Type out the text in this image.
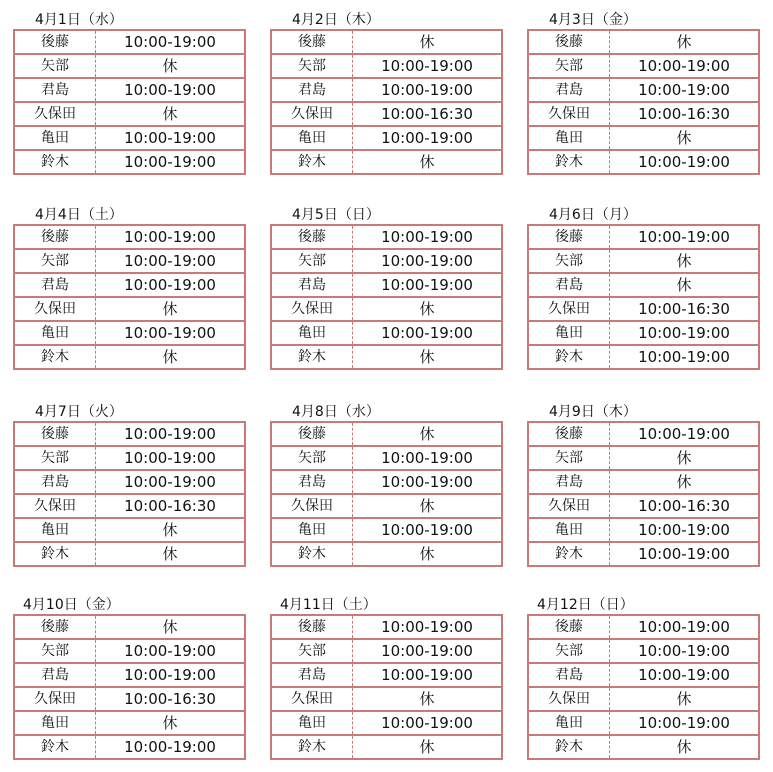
4月1日（水）
後藤	10:00-19:00
矢部	休
君島	10:00-19:00
久保田	休
亀田	10:00-19:00
鈴木	10:00-19:00
4月2日（木）
後藤	休
矢部	10:00-19:00
君島	10:00-19:00
久保田	10:00-16:30
亀田	10:00-19:00
鈴木	休
4月3日（金）
後藤	休
矢部	10:00-19:00
君島	10:00-19:00
久保田	10:00-16:30
亀田	休
鈴木	10:00-19:00
4月4日（土）
後藤	10:00-19:00
矢部	10:00-19:00
君島	10:00-19:00
久保田	休
亀田	10:00-19:00
鈴木	休
4月5日（日）
後藤	10:00-19:00
矢部	10:00-19:00
君島	10:00-19:00
久保田	休
亀田	10:00-19:00
鈴木	休
4月6日（月）
後藤	10:00-19:00
矢部	休
君島	休
久保田	10:00-16:30
亀田	10:00-19:00
鈴木	10:00-19:00
4月7日（火）
後藤	10:00-19:00
矢部	10:00-19:00
君島	10:00-19:00
久保田	10:00-16:30
亀田	休
鈴木	休
4月8日（水）
後藤	休
矢部	10:00-19:00
君島	10:00-19:00
久保田	休
亀田	10:00-19:00
鈴木	休
4月9日（木）
後藤	10:00-19:00
矢部	休
君島	休
久保田	10:00-16:30
亀田	10:00-19:00
鈴木	10:00-19:00
4月10日（金）
後藤	休
矢部	10:00-19:00
君島	10:00-19:00
久保田	10:00-16:30
亀田	休
鈴木	10:00-19:00
4月11日（土）
後藤	10:00-19:00
矢部	10:00-19:00
君島	10:00-19:00
久保田	休
亀田	10:00-19:00
鈴木	休
4月12日（日）
後藤	10:00-19:00
矢部	10:00-19:00
君島	10:00-19:00
久保田	休
亀田	10:00-19:00
鈴木	休
